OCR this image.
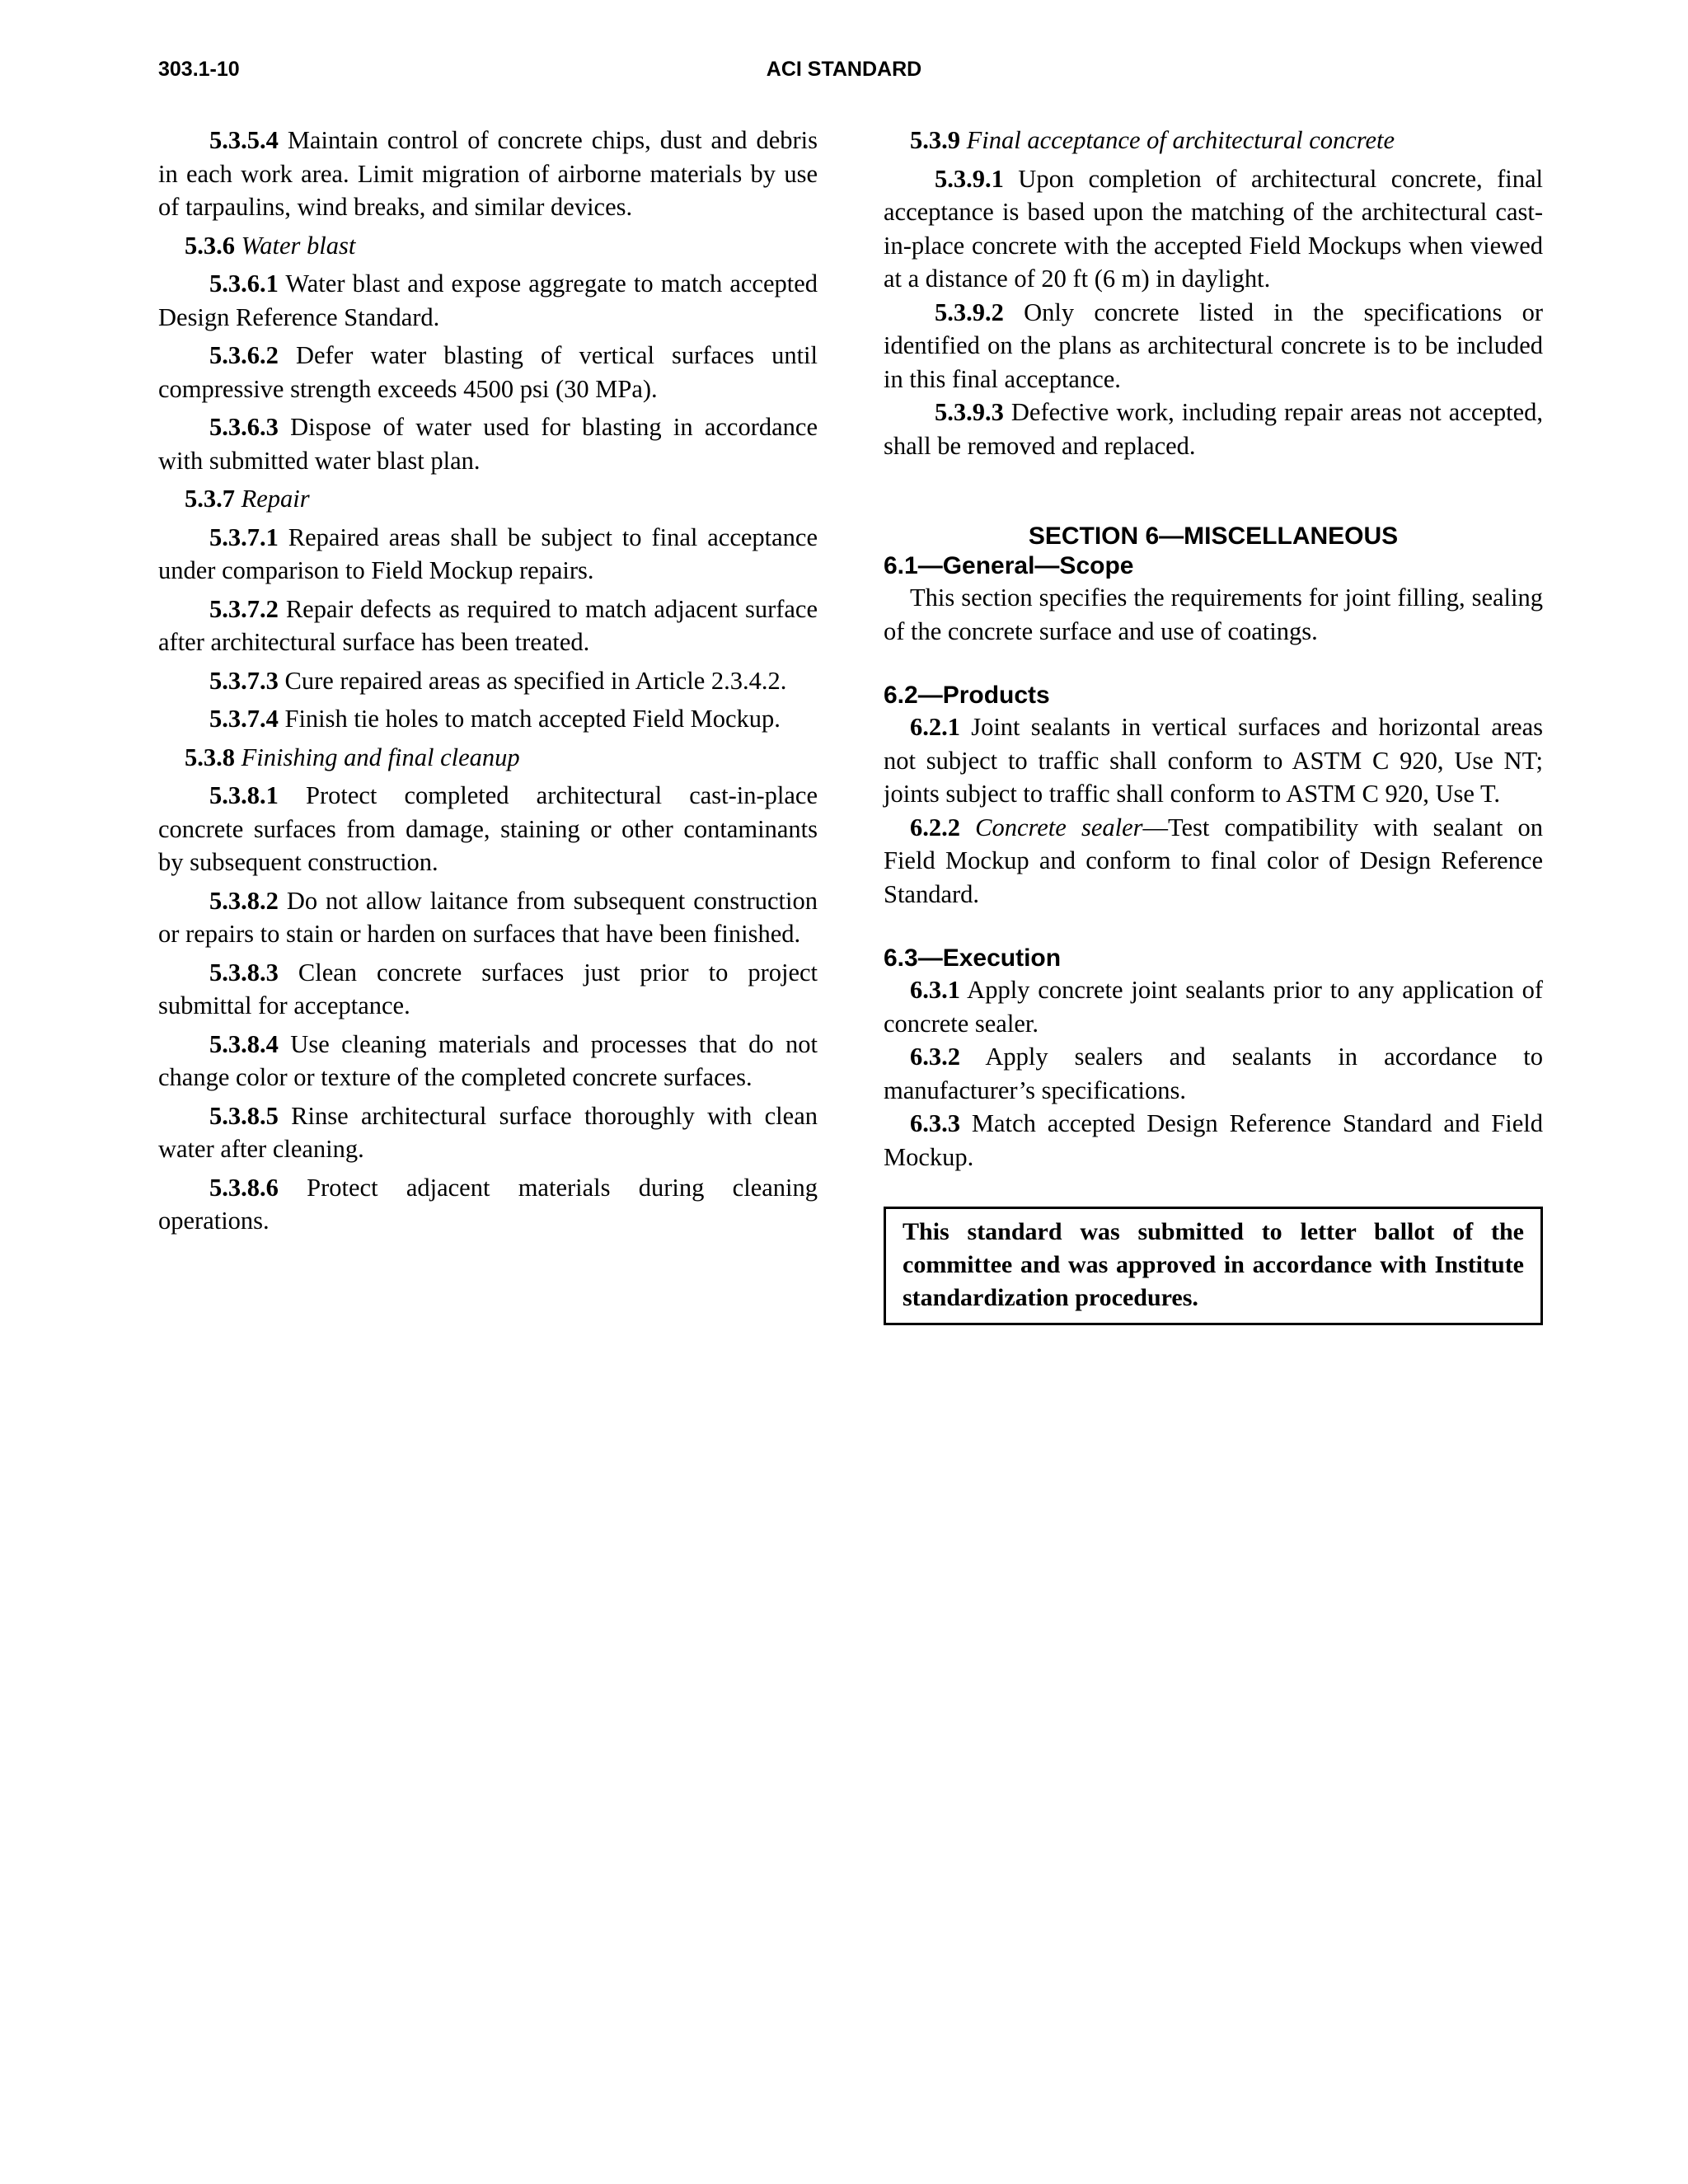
303.1-10	ACI STANDARD

5.3.5.4 Maintain control of concrete chips, dust and debris in each work area. Limit migration of airborne materials by use of tarpaulins, wind breaks, and similar devices.

5.3.6 Water blast

5.3.6.1 Water blast and expose aggregate to match accepted Design Reference Standard.

5.3.6.2 Defer water blasting of vertical surfaces until compressive strength exceeds 4500 psi (30 MPa).

5.3.6.3 Dispose of water used for blasting in accordance with submitted water blast plan.

5.3.7 Repair

5.3.7.1 Repaired areas shall be subject to final acceptance under comparison to Field Mockup repairs.

5.3.7.2 Repair defects as required to match adjacent surface after architectural surface has been treated.

5.3.7.3 Cure repaired areas as specified in Article 2.3.4.2.

5.3.7.4 Finish tie holes to match accepted Field Mockup.

5.3.8 Finishing and final cleanup

5.3.8.1 Protect completed architectural cast-in-place concrete surfaces from damage, staining or other contaminants by subsequent construction.

5.3.8.2 Do not allow laitance from subsequent construction or repairs to stain or harden on surfaces that have been finished.

5.3.8.3 Clean concrete surfaces just prior to project submittal for acceptance.

5.3.8.4 Use cleaning materials and processes that do not change color or texture of the completed concrete surfaces.

5.3.8.5 Rinse architectural surface thoroughly with clean water after cleaning.

5.3.8.6 Protect adjacent materials during cleaning operations.

5.3.9 Final acceptance of architectural concrete

5.3.9.1 Upon completion of architectural concrete, final acceptance is based upon the matching of the architectural cast-in-place concrete with the accepted Field Mockups when viewed at a distance of 20 ft (6 m) in daylight.

5.3.9.2 Only concrete listed in the specifications or identified on the plans as architectural concrete is to be included in this final acceptance.

5.3.9.3 Defective work, including repair areas not accepted, shall be removed and replaced.

SECTION 6—MISCELLANEOUS
6.1—General—Scope

This section specifies the requirements for joint filling, sealing of the concrete surface and use of coatings.

6.2—Products

6.2.1 Joint sealants in vertical surfaces and horizontal areas not subject to traffic shall conform to ASTM C 920, Use NT; joints subject to traffic shall conform to ASTM C 920, Use T.

6.2.2 Concrete sealer—Test compatibility with sealant on Field Mockup and conform to final color of Design Reference Standard.

6.3—Execution

6.3.1 Apply concrete joint sealants prior to any application of concrete sealer.

6.3.2 Apply sealers and sealants in accordance to manufacturer’s specifications.

6.3.3 Match accepted Design Reference Standard and Field Mockup.

This standard was submitted to letter ballot of the committee and was approved in accordance with Institute standardization procedures.
